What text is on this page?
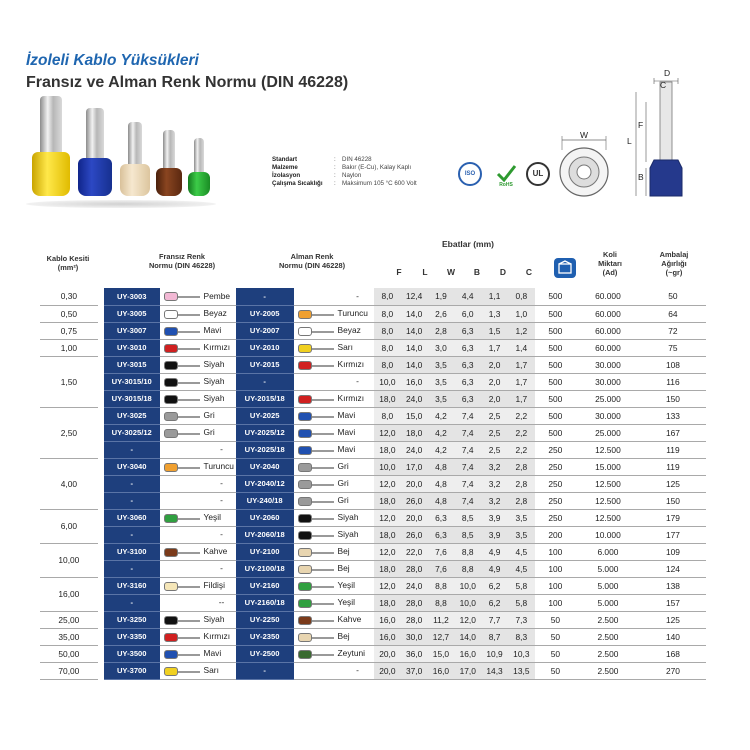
İzoleli Kablo Yüksükleri
Fransız ve Alman Renk Normu (DIN 46228)
Standart	:	DIN 46228
Malzeme	:	Bakır (E-Cu), Kalay Kaplı
İzolasyon	:	Naylon
Çalışma Sıcaklığı	:	Maksimum 105 °C 600 Volt
ISO
RoHS
UL
D
C
F
L
B
W
Kablo Kesiti
(mm²)
Fransız Renk
Normu (DIN 46228)
Alman Renk
Normu (DIN 46228)
Ebatlar (mm)
F	L	W	B	D	C
Koli
Miktarı
(Ad)
Ambalaj
Ağırlığı
(~gr)
0,30		UY-3003	Pembe	-	-	8,0	12,4	1,9	4,4	1,1	0,8	500	60.000	50
0,50		UY-3005	Beyaz	UY-2005	Turuncu	8,0	14,0	2,6	6,0	1,3	1,0	500	60.000	64
0,75		UY-3007	Mavi	UY-2007	Beyaz	8,0	14,0	2,8	6,3	1,5	1,2	500	60.000	72
1,00		UY-3010	Kırmızı	UY-2010	Sarı	8,0	14,0	3,0	6,3	1,7	1,4	500	60.000	75
1,50		UY-3015	Siyah	UY-2015	Kırmızı	8,0	14,0	3,5	6,3	2,0	1,7	500	30.000	108
		UY-3015/10	Siyah	-	-	10,0	16,0	3,5	6,3	2,0	1,7	500	30.000	116
		UY-3015/18	Siyah	UY-2015/18	Kırmızı	18,0	24,0	3,5	6,3	2,0	1,7	500	25.000	150
2,50		UY-3025	Gri	UY-2025	Mavi	8,0	15,0	4,2	7,4	2,5	2,2	500	30.000	133
		UY-3025/12	Gri	UY-2025/12	Mavi	12,0	18,0	4,2	7,4	2,5	2,2	500	25.000	167
		-	-	UY-2025/18	Mavi	18,0	24,0	4,2	7,4	2,5	2,2	250	12.500	119
4,00		UY-3040	Turuncu	UY-2040	Gri	10,0	17,0	4,8	7,4	3,2	2,8	250	15.000	119
		-	-	UY-2040/12	Gri	12,0	20,0	4,8	7,4	3,2	2,8	250	12.500	125
		-	-	UY-240/18	Gri	18,0	26,0	4,8	7,4	3,2	2,8	250	12.500	150
6,00		UY-3060	Yeşil	UY-2060	Siyah	12,0	20,0	6,3	8,5	3,9	3,5	250	12.500	179
		-	-	UY-2060/18	Siyah	18,0	26,0	6,3	8,5	3,9	3,5	200	10.000	177
10,00		UY-3100	Kahve	UY-2100	Bej	12,0	22,0	7,6	8,8	4,9	4,5	100	6.000	109
		-	-	UY-2100/18	Bej	18,0	28,0	7,6	8,8	4,9	4,5	100	5.000	124
16,00		UY-3160	Fildişi	UY-2160	Yeşil	12,0	24,0	8,8	10,0	6,2	5,8	100	5.000	138
		-	--	UY-2160/18	Yeşil	18,0	28,0	8,8	10,0	6,2	5,8	100	5.000	157
25,00		UY-3250	Siyah	UY-2250	Kahve	16,0	28,0	11,2	12,0	7,7	7,3	50	2.500	125
35,00		UY-3350	Kırmızı	UY-2350	Bej	16,0	30,0	12,7	14,0	8,7	8,3	50	2.500	140
50,00		UY-3500	Mavi	UY-2500	Zeytuni	20,0	36,0	15,0	16,0	10,9	10,3	50	2.500	168
70,00		UY-3700	Sarı	-	-	20,0	37,0	16,0	17,0	14,3	13,5	50	2.500	270
